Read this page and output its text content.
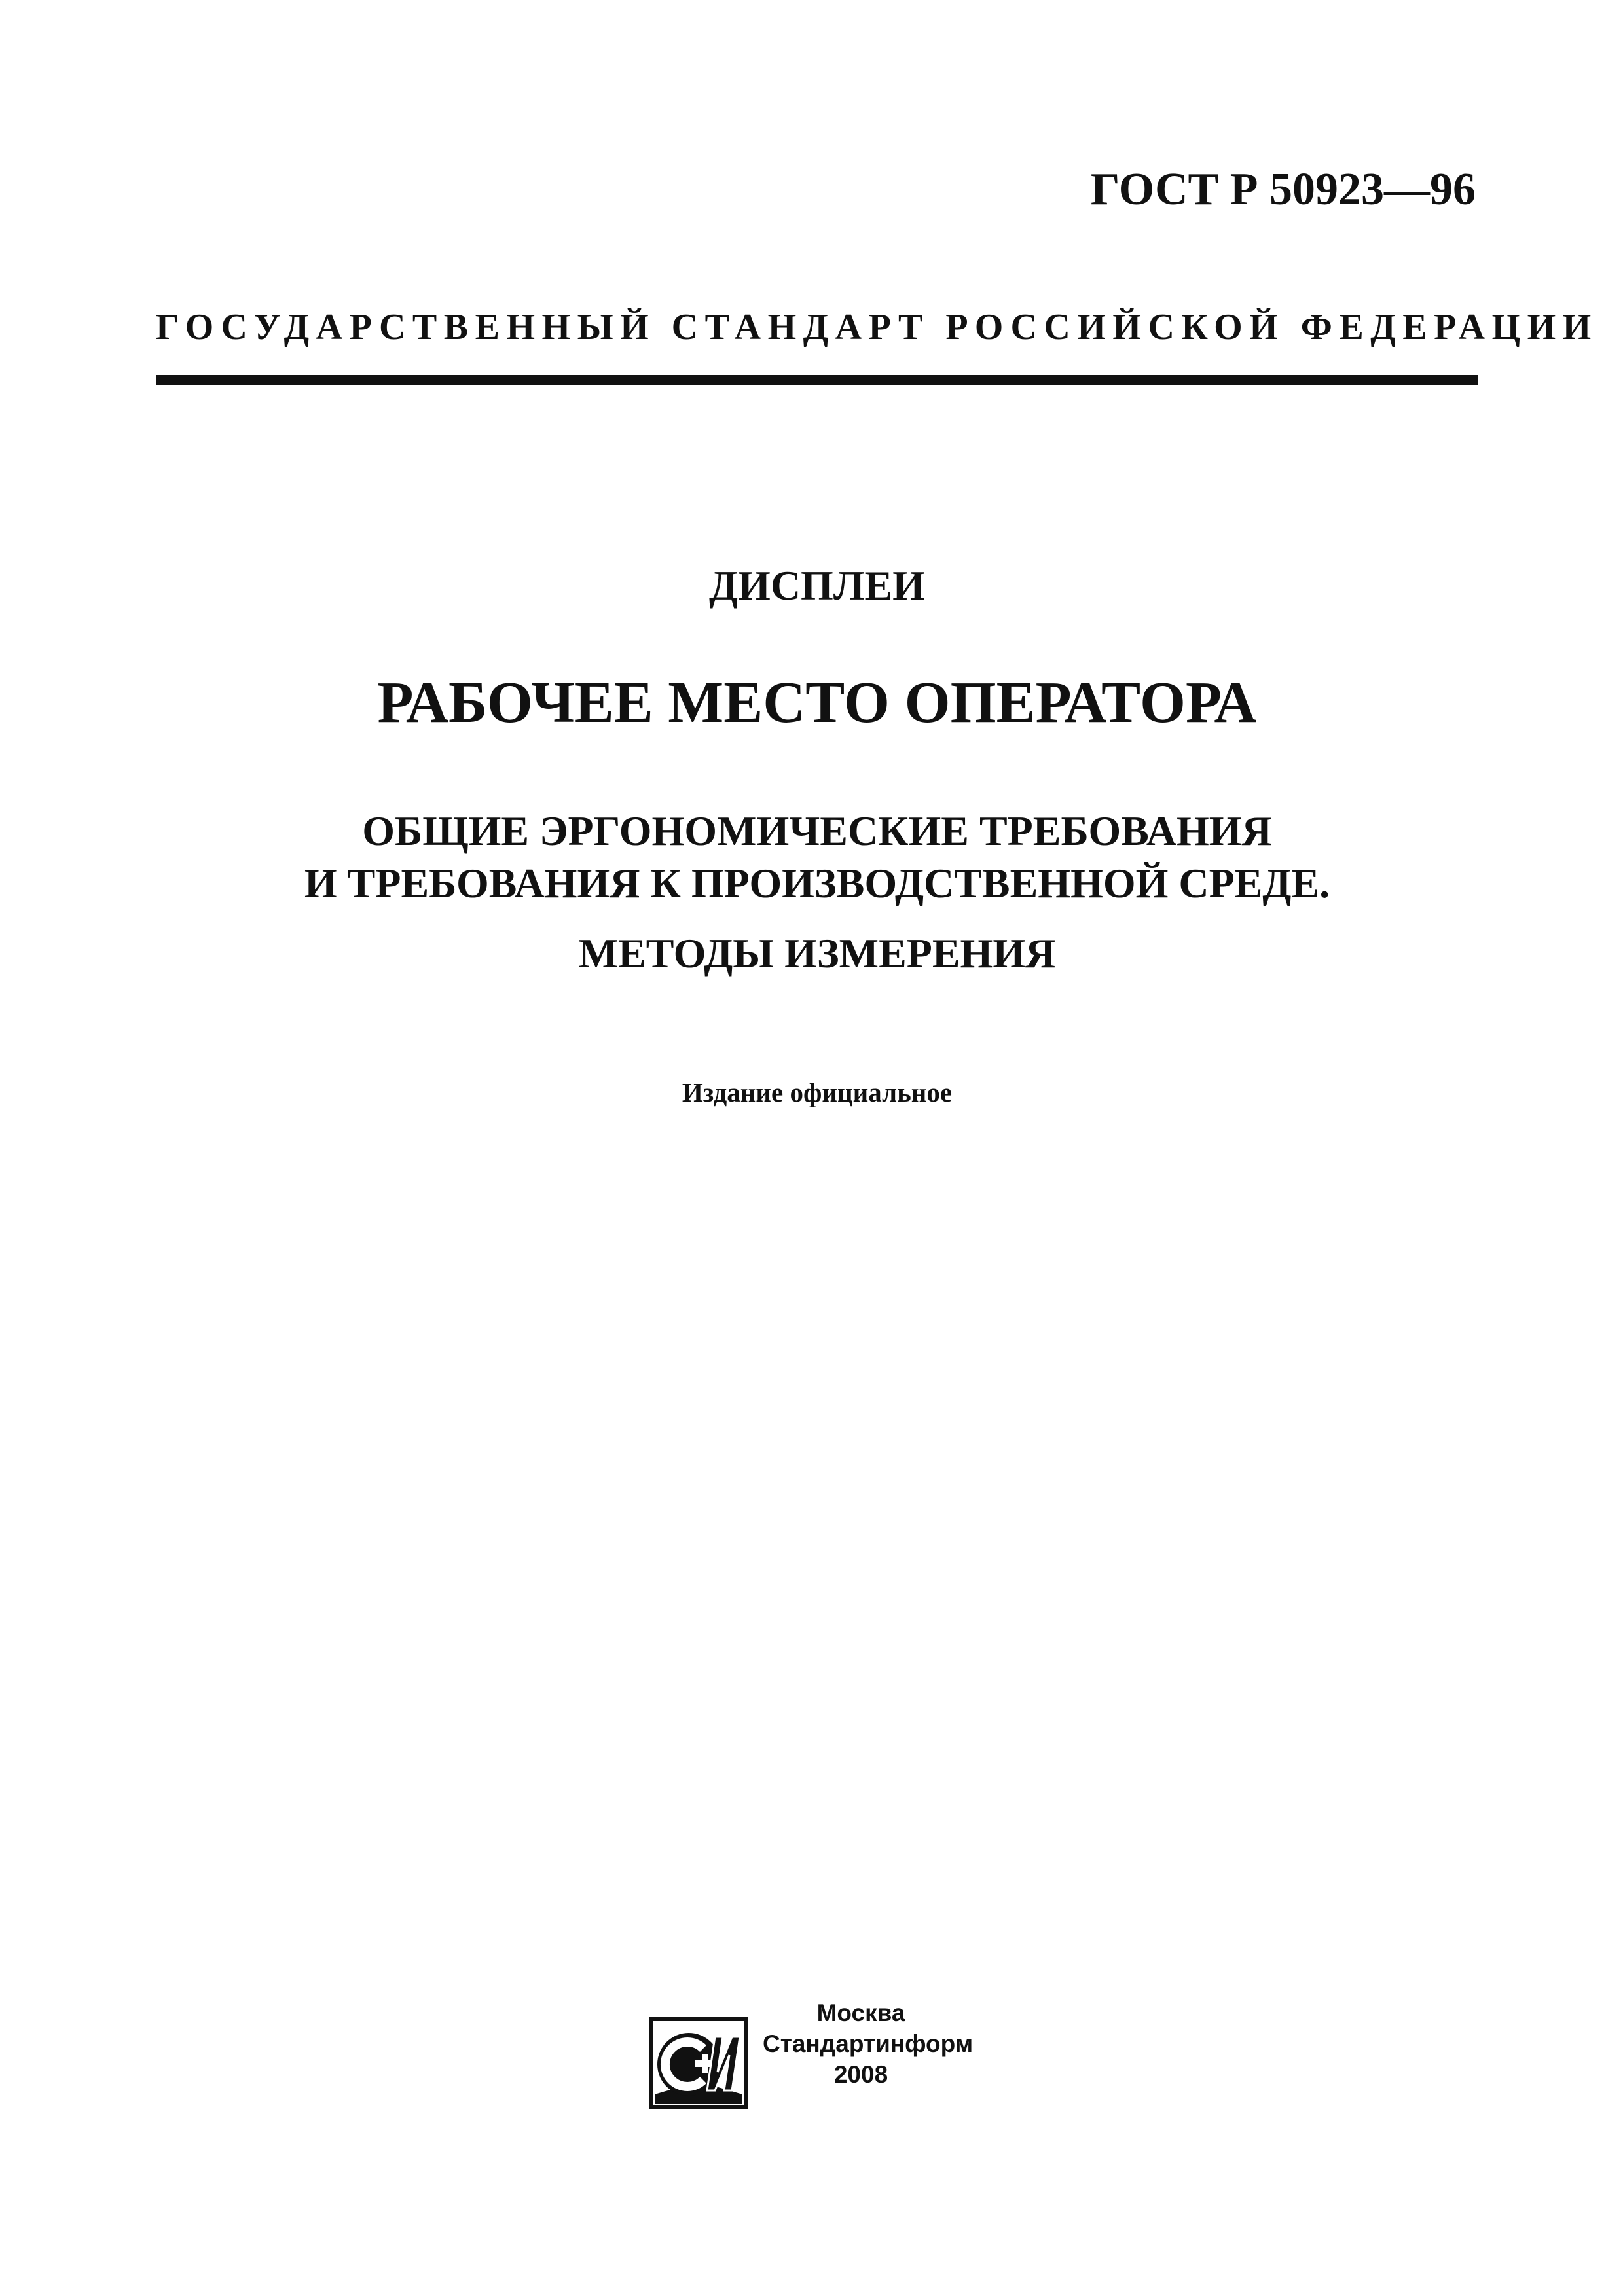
ГОСТ Р 50923—96
ГОСУДАРСТВЕННЫЙ СТАНДАРТ РОССИЙСКОЙ ФЕДЕРАЦИИ
ДИСПЛЕИ
РАБОЧЕЕ МЕСТО ОПЕРАТОРА
ОБЩИЕ ЭРГОНОМИЧЕСКИЕ ТРЕБОВАНИЯ
И ТРЕБОВАНИЯ К ПРОИЗВОДСТВЕННОЙ СРЕДЕ.
МЕТОДЫ ИЗМЕРЕНИЯ
Издание официальное
Москва
Стандартинформ
2008
